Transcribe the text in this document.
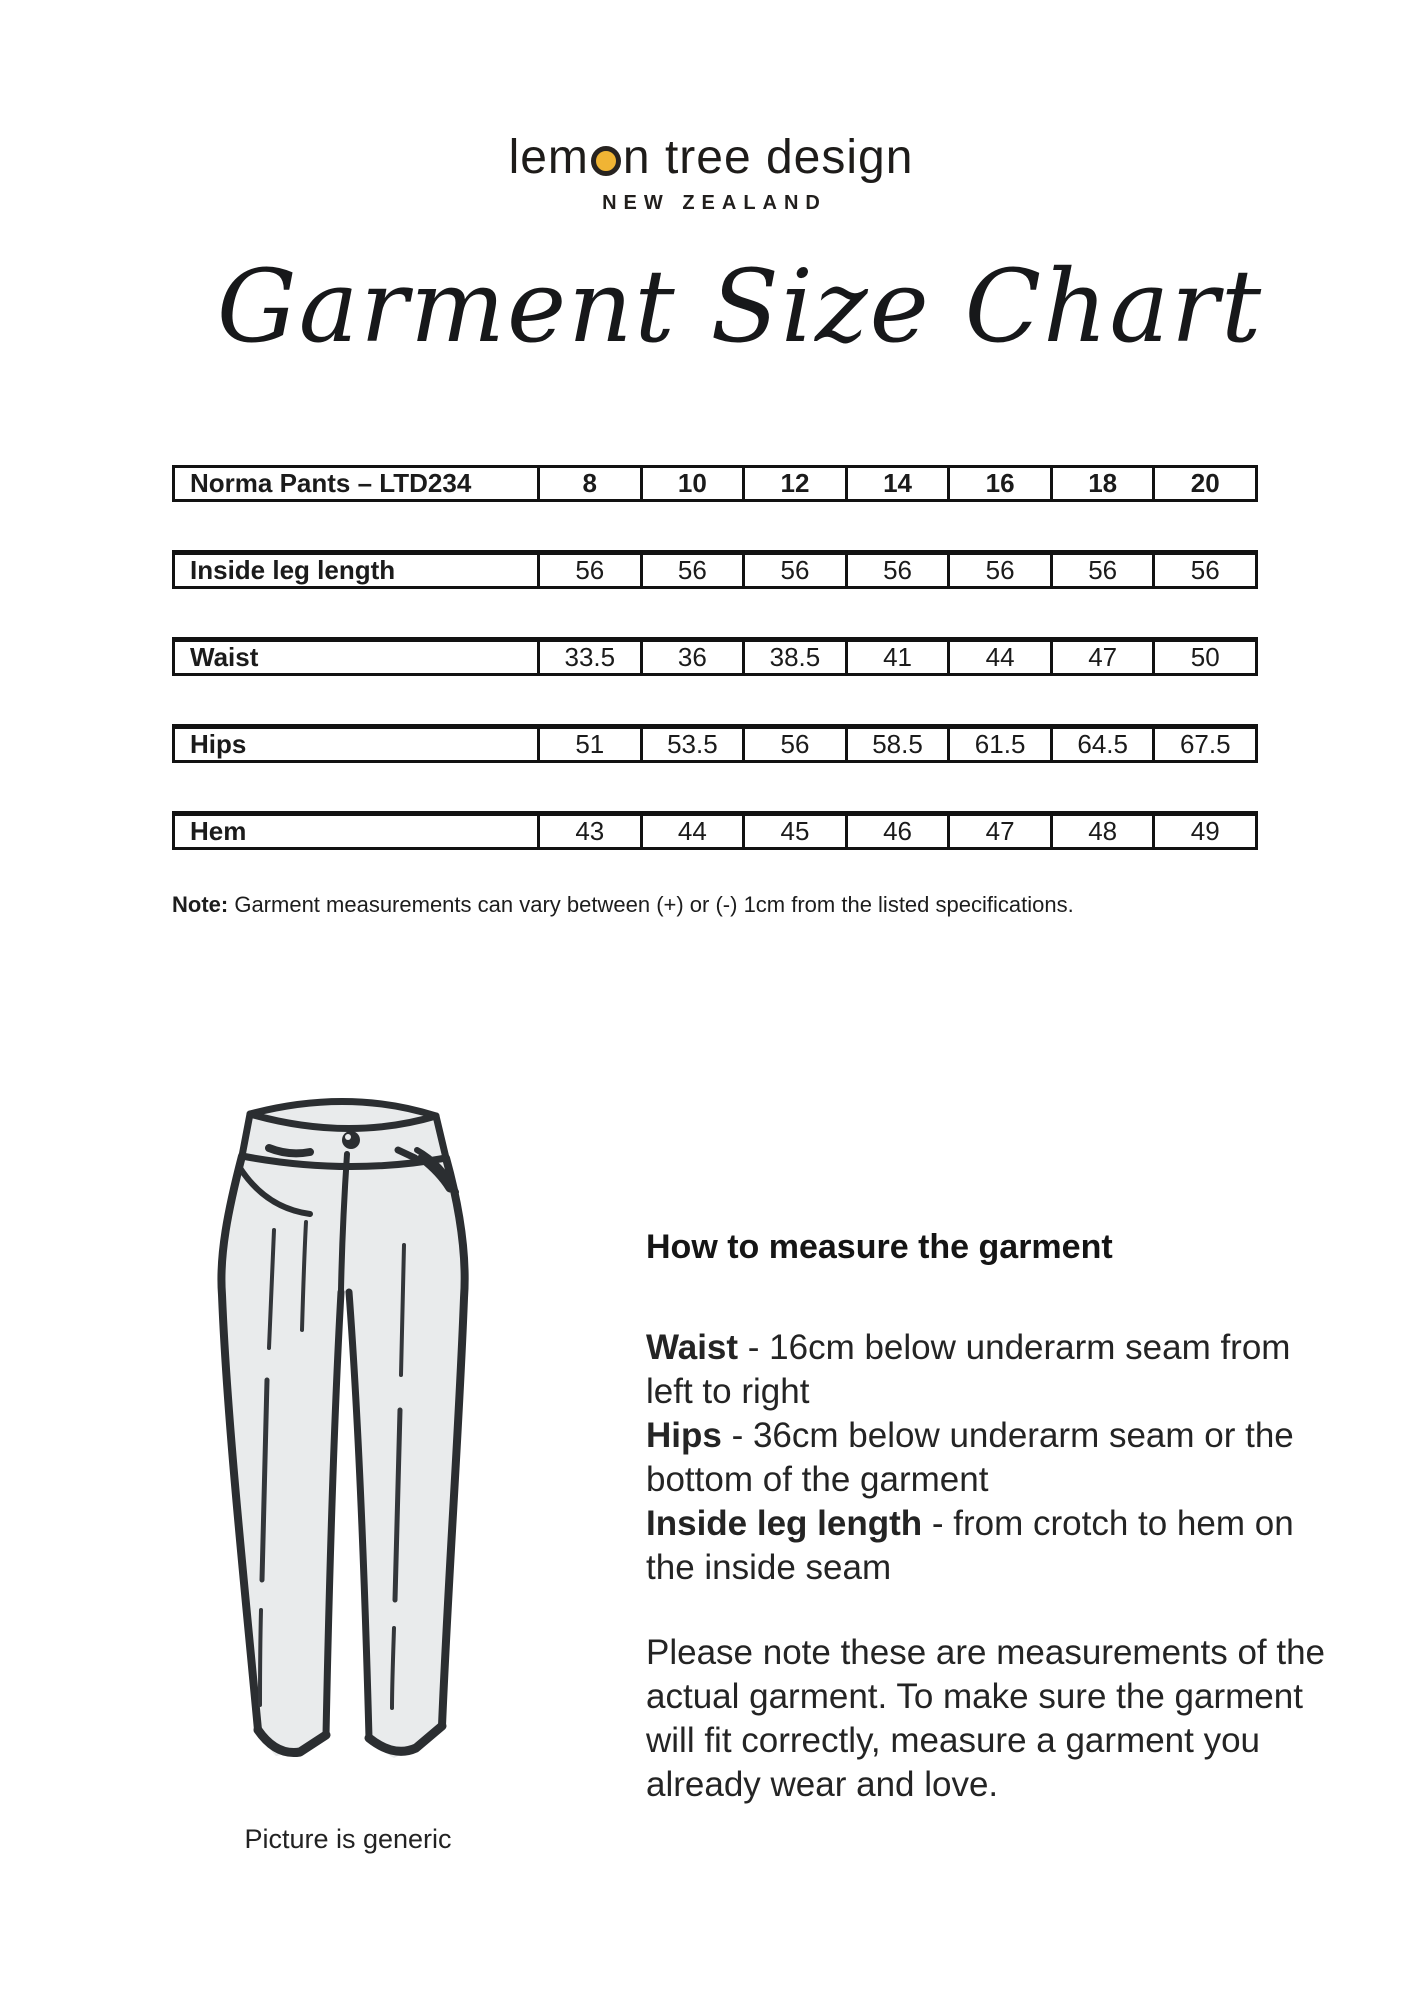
lem n tree design
NEW ZEALAND
Garment Size Chart
Norma Pants – LTD234	8	10	12	14	16	18	20
Inside leg length	56	56	56	56	56	56	56
Waist	33.5	36	38.5	41	44	47	50
Hips	51	53.5	56	58.5	61.5	64.5	67.5
Hem	43	44	45	46	47	48	49

Note: Garment measurements can vary between (+) or (-) 1cm from the listed specifications.

Picture is generic
How to measure the garment
Waist - 16cm below underarm seam from left to right
Hips - 36cm below underarm seam or the bottom of the garment
Inside leg length - from crotch to hem on the inside seam

Please note these are measurements of the actual garment. To make sure the garment will fit correctly, measure a garment you already wear and love.
